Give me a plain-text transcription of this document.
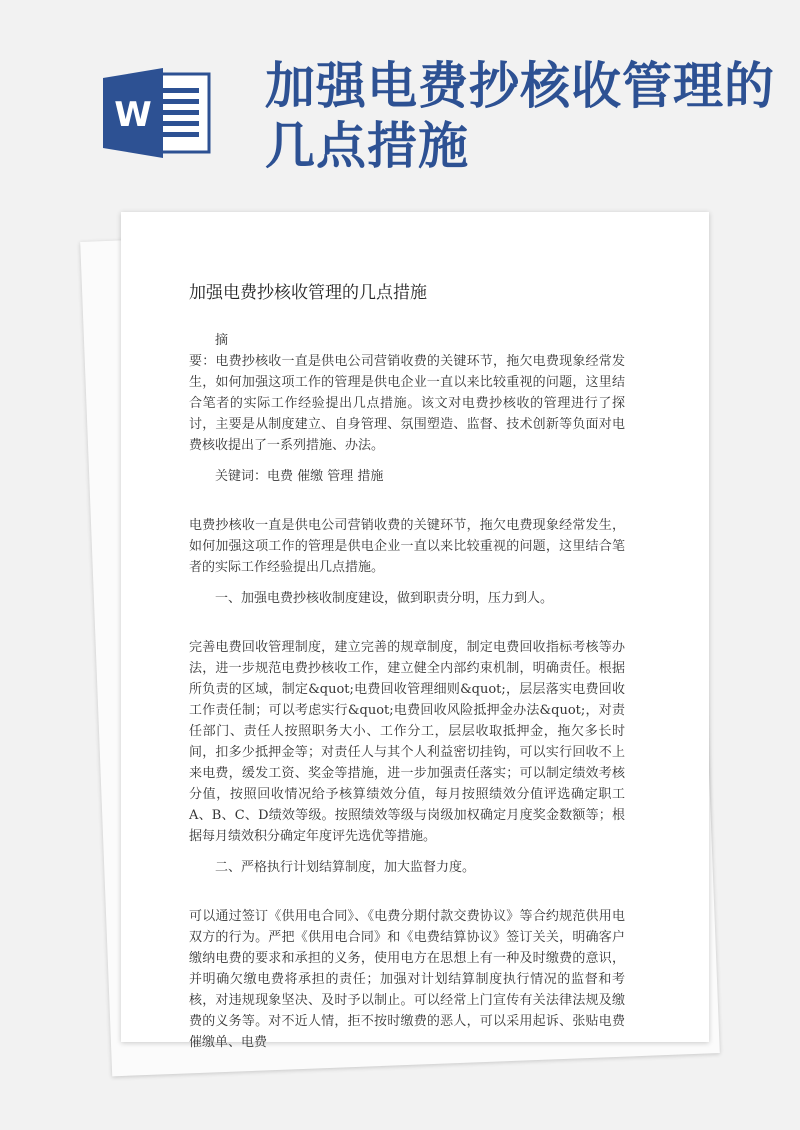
W 加强电费抄核收管理的几点措施
加强电费抄核收管理的几点措施
摘

要：电费抄核收一直是供电公司营销收费的关键环节，拖欠电费现象经常发生，如何加强这项工作的管理是供电企业一直以来比较重视的问题，这里结合笔者的实际工作经验提出几点措施。该文对电费抄核收的管理进行了探讨，主要是从制度建立、自身管理、氛围塑造、监督、技术创新等负面对电费核收提出了一系列措施、办法。

关键词：电费 催缴 管理 措施

电费抄核收一直是供电公司营销收费的关键环节，拖欠电费现象经常发生，如何加强这项工作的管理是供电企业一直以来比较重视的问题，这里结合笔者的实际工作经验提出几点措施。

一、加强电费抄核收制度建设，做到职责分明，压力到人。

完善电费回收管理制度，建立完善的规章制度，制定电费回收指标考核等办法，进一步规范电费抄核收工作，建立健全内部约束机制，明确责任。根据所负责的区域，制定&quot;电费回收管理细则&quot;，层层落实电费回收工作责任制；可以考虑实行&quot;电费回收风险抵押金办法&quot;，对责任部门、责任人按照职务大小、工作分工，层层收取抵押金，拖欠多长时间，扣多少抵押金等；对责任人与其个人利益密切挂钩，可以实行回收不上来电费，缓发工资、奖金等措施，进一步加强责任落实；可以制定绩效考核分值，按照回收情况给予核算绩效分值，每月按照绩效分值评选确定职工A、B、C、D绩效等级。按照绩效等级与岗级加权确定月度奖金数额等；根据每月绩效积分确定年度评先选优等措施。

二、严格执行计划结算制度，加大监督力度。

可以通过签订《供用电合同》、《电费分期付款交费协议》等合约规范供用电双方的行为。严把《供用电合同》和《电费结算协议》签订关关，明确客户缴纳电费的要求和承担的义务，使用电方在思想上有一种及时缴费的意识，并明确欠缴电费将承担的责任；加强对计划结算制度执行情况的监督和考核，对违规现象坚决、及时予以制止。可以经常上门宣传有关法律法规及缴费的义务等。对不近人情，拒不按时缴费的恶人，可以采用起诉、张贴电费催缴单、电费
